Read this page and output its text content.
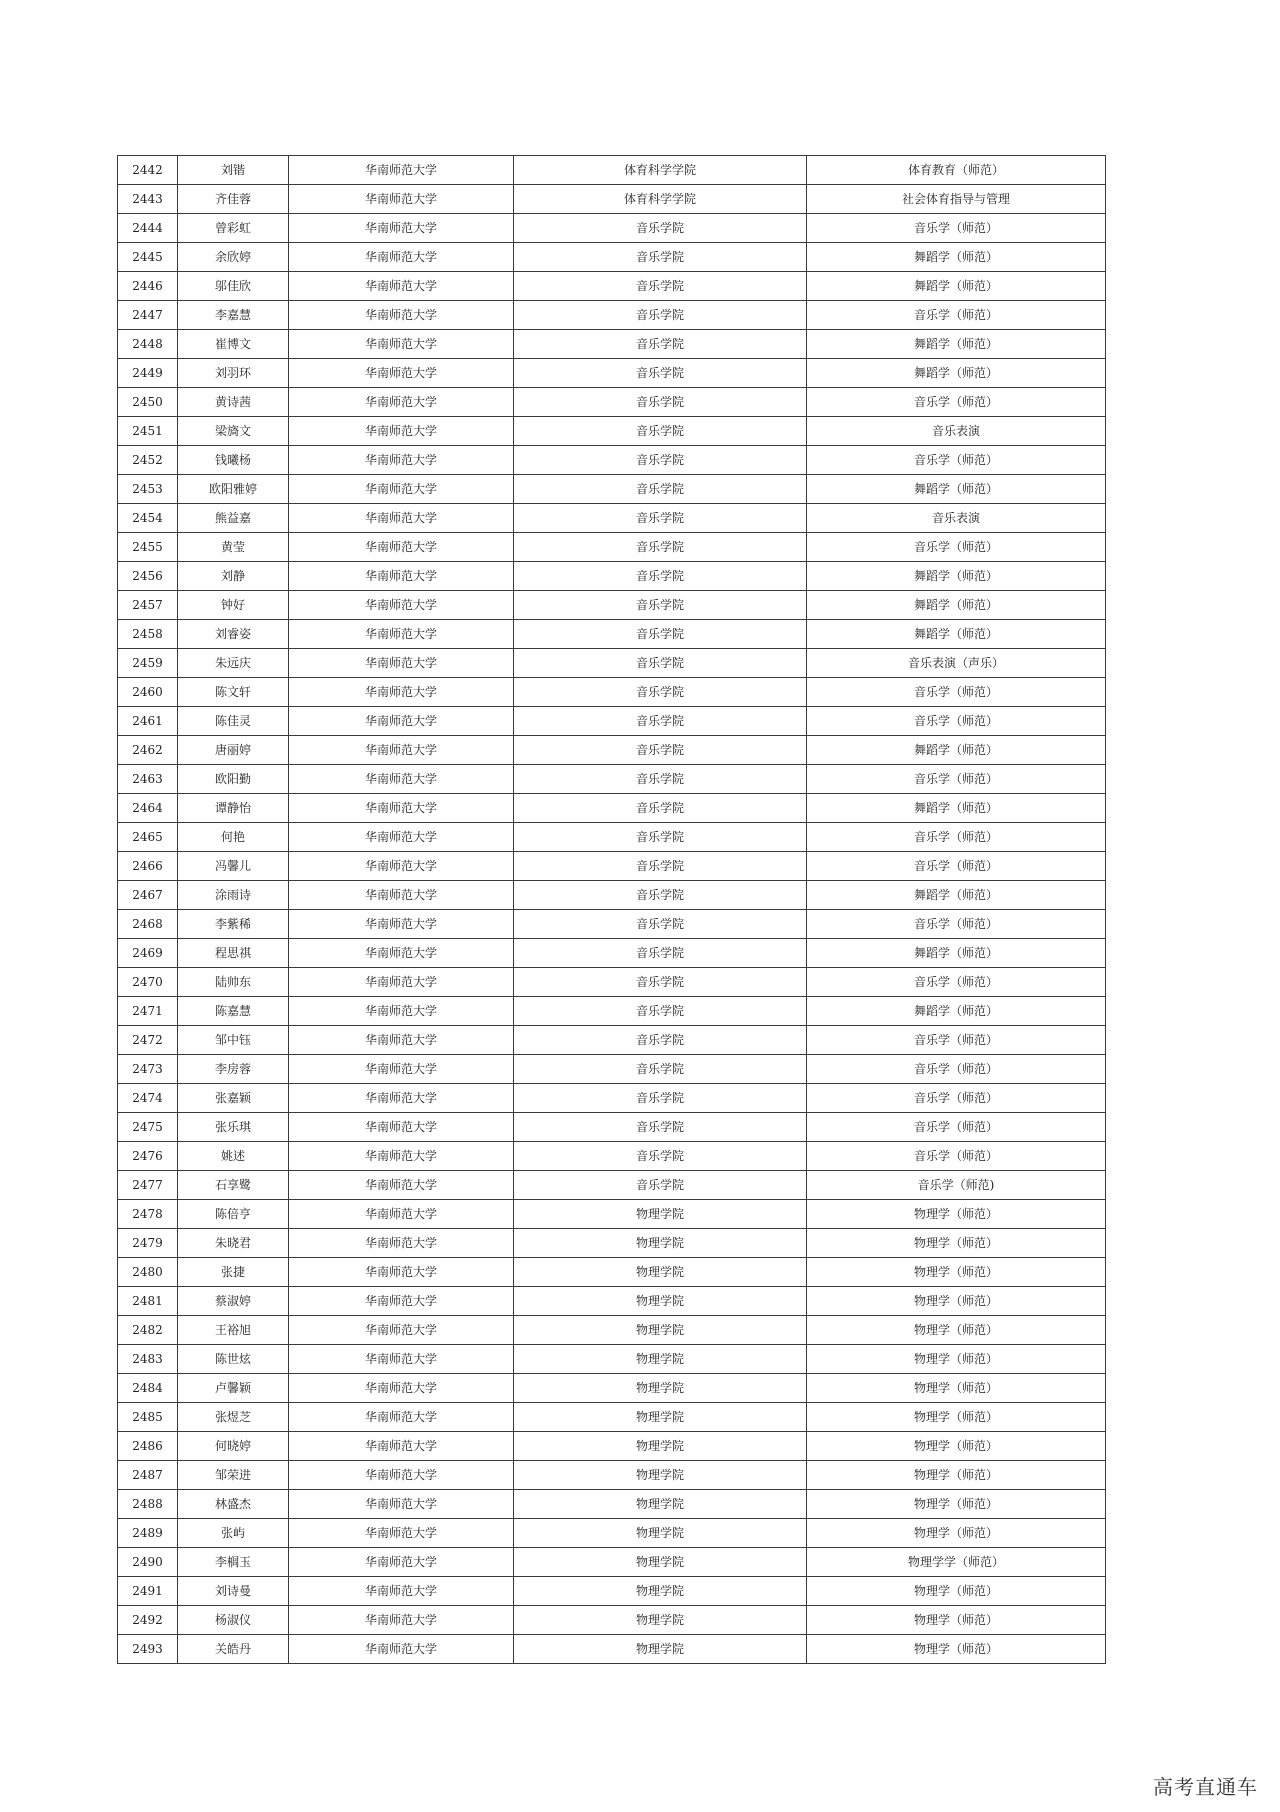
2442	刘锴	华南师范大学	体育科学学院	体育教育（师范）
2443	齐佳蓉	华南师范大学	体育科学学院	社会体育指导与管理
2444	曾彩虹	华南师范大学	音乐学院	音乐学（师范）
2445	余欣婷	华南师范大学	音乐学院	舞蹈学（师范）
2446	邬佳欣	华南师范大学	音乐学院	舞蹈学（师范）
2447	李嘉慧	华南师范大学	音乐学院	音乐学（师范）
2448	崔博文	华南师范大学	音乐学院	舞蹈学（师范）
2449	刘羽环	华南师范大学	音乐学院	舞蹈学（师范）
2450	黄诗茜	华南师范大学	音乐学院	音乐学（师范）
2451	梁旖文	华南师范大学	音乐学院	音乐表演
2452	钱曦杨	华南师范大学	音乐学院	音乐学（师范）
2453	欧阳雅婷	华南师范大学	音乐学院	舞蹈学（师范）
2454	熊益嘉	华南师范大学	音乐学院	音乐表演
2455	黄莹	华南师范大学	音乐学院	音乐学（师范）
2456	刘静	华南师范大学	音乐学院	舞蹈学（师范）
2457	钟好	华南师范大学	音乐学院	舞蹈学（师范）
2458	刘睿姿	华南师范大学	音乐学院	舞蹈学（师范）
2459	朱远庆	华南师范大学	音乐学院	音乐表演（声乐）
2460	陈文轩	华南师范大学	音乐学院	音乐学（师范）
2461	陈佳灵	华南师范大学	音乐学院	音乐学（师范）
2462	唐丽婷	华南师范大学	音乐学院	舞蹈学（师范）
2463	欧阳勤	华南师范大学	音乐学院	音乐学（师范）
2464	谭静怡	华南师范大学	音乐学院	舞蹈学（师范）
2465	何艳	华南师范大学	音乐学院	音乐学（师范）
2466	冯馨儿	华南师范大学	音乐学院	音乐学（师范）
2467	涂雨诗	华南师范大学	音乐学院	舞蹈学（师范）
2468	李紫稀	华南师范大学	音乐学院	音乐学（师范）
2469	程思祺	华南师范大学	音乐学院	舞蹈学（师范）
2470	陆帅东	华南师范大学	音乐学院	音乐学（师范）
2471	陈嘉慧	华南师范大学	音乐学院	舞蹈学（师范）
2472	邹中钰	华南师范大学	音乐学院	音乐学（师范）
2473	李房蓉	华南师范大学	音乐学院	音乐学（师范）
2474	张嘉颖	华南师范大学	音乐学院	音乐学（师范）
2475	张乐琪	华南师范大学	音乐学院	音乐学（师范）
2476	姚述	华南师范大学	音乐学院	音乐学（师范）
2477	石享鹭	华南师范大学	音乐学院	音乐学（师范)
2478	陈倍亨	华南师范大学	物理学院	物理学（师范）
2479	朱晓君	华南师范大学	物理学院	物理学（师范）
2480	张捷	华南师范大学	物理学院	物理学（师范）
2481	蔡淑婷	华南师范大学	物理学院	物理学（师范）
2482	王裕旭	华南师范大学	物理学院	物理学（师范）
2483	陈世炫	华南师范大学	物理学院	物理学（师范）
2484	卢馨颖	华南师范大学	物理学院	物理学（师范）
2485	张煜芝	华南师范大学	物理学院	物理学（师范）
2486	何晓婷	华南师范大学	物理学院	物理学（师范）
2487	邹荣进	华南师范大学	物理学院	物理学（师范）
2488	林盛杰	华南师范大学	物理学院	物理学（师范）
2489	张屿	华南师范大学	物理学院	物理学（师范）
2490	李榈玉	华南师范大学	物理学院	物理学学（师范）
2491	刘诗曼	华南师范大学	物理学院	物理学（师范）
2492	杨淑仪	华南师范大学	物理学院	物理学（师范）
2493	关皓丹	华南师范大学	物理学院	物理学（师范）
高考直通车
